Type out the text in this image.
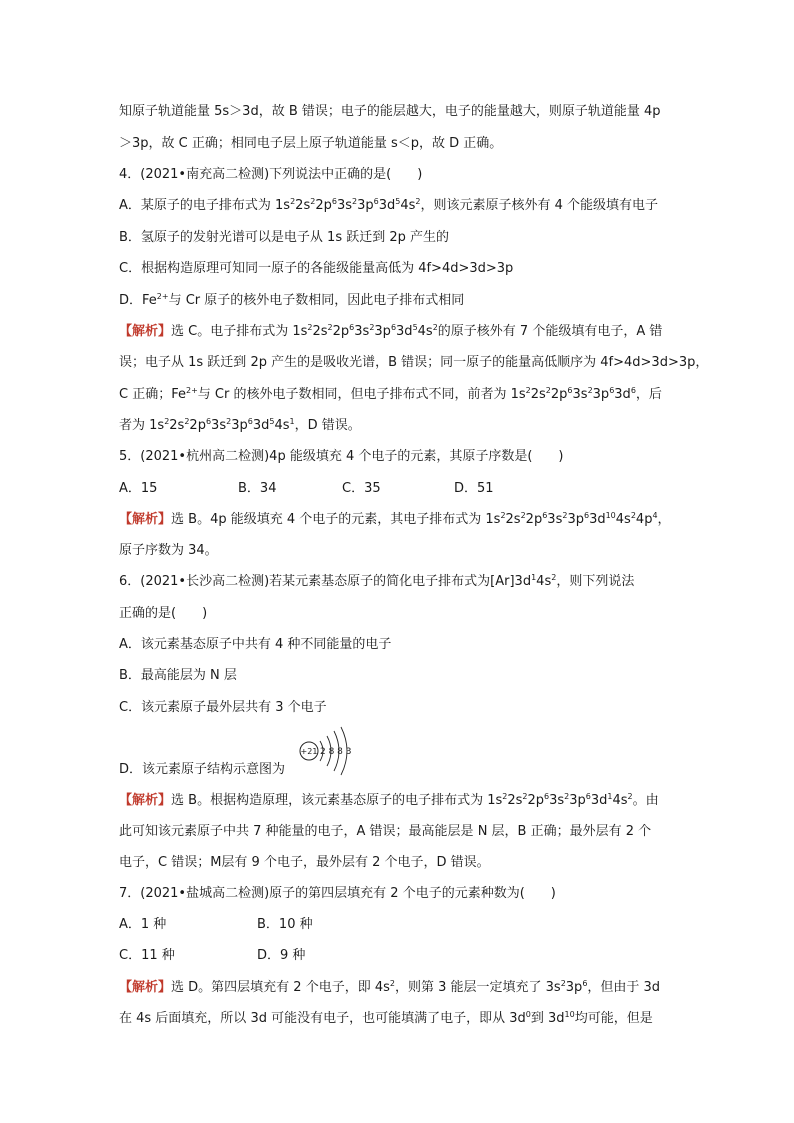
知原子轨道能量 5s＞3d，故 B 错误；电子的能层越大，电子的能量越大，则原子轨道能量 4p
＞3p，故 C 正确；相同电子层上原子轨道能量 s＜p，故 D 正确。
4．(2021•南充高二检测)下列说法中正确的是(　　)
A．某原子的电子排布式为 $1s^22s^22p^63s^23p^63d^54s^2$，则该元素原子核外有 4 个能级填有电子
B．氢原子的发射光谱可以是电子从 1s 跃迁到 2p 产生的
C．根据构造原理可知同一原子的各能级能量高低为 4f>4d>3d>3p
D．$Fe^{2+}$与 Cr 原子的核外电子数相同，因此电子排布式相同
【解析】选 C。电子排布式为 $1s^22s^22p^63s^23p^63d^54s^2$的原子核外有 7 个能级填有电子，A 错
误；电子从 1s 跃迁到 2p 产生的是吸收光谱，B 错误；同一原子的能量高低顺序为 4f>4d>3d>3p，
C 正确；$Fe^{2+}$与 Cr 的核外电子数相同，但电子排布式不同，前者为 $1s^22s^22p^63s^23p^63d^6$，后
者为 $1s^22s^22p^63s^23p^63d^54s^1$，D 错误。
5．(2021•杭州高二检测)4p 能级填充 4 个电子的元素，其原子序数是(　　)
A．15	B．34	C．35	D．51
【解析】选 B。4p 能级填充 4 个电子的元素，其电子排布式为 $1s^22s^22p^63s^23p^63d^{10}4s^24p^4$，
原子序数为 34。
6．(2021•长沙高二检测)若某元素基态原子的简化电子排布式为$[Ar]3d^14s^2$，则下列说法
正确的是(　　)
A．该元素基态原子中共有 4 种不同能量的电子
B．最高能层为 N 层
C．该元素原子最外层共有 3 个电子
+21 2 8 8 3
D．该元素原子结构示意图为
【解析】选 B。根据构造原理，该元素基态原子的电子排布式为 $1s^22s^22p^63s^23p^63d^14s^2$。由
此可知该元素原子中共 7 种能量的电子，A 错误；最高能层是 N 层，B 正确；最外层有 2 个
电子，C 错误；M层有 9 个电子，最外层有 2 个电子，D 错误。
7．(2021•盐城高二检测)原子的第四层填充有 2 个电子的元素种数为(　　)
A．1 种	B．10 种
C．11 种	D．9 种
【解析】选 D。第四层填充有 2 个电子，即 $4s^2$，则第 3 能层一定填充了 $3s^23p^6$，但由于 3d
在 4s 后面填充，所以 3d 可能没有电子，也可能填满了电子，即从 $3d^0$到 $3d^{10}$均可能，但是
